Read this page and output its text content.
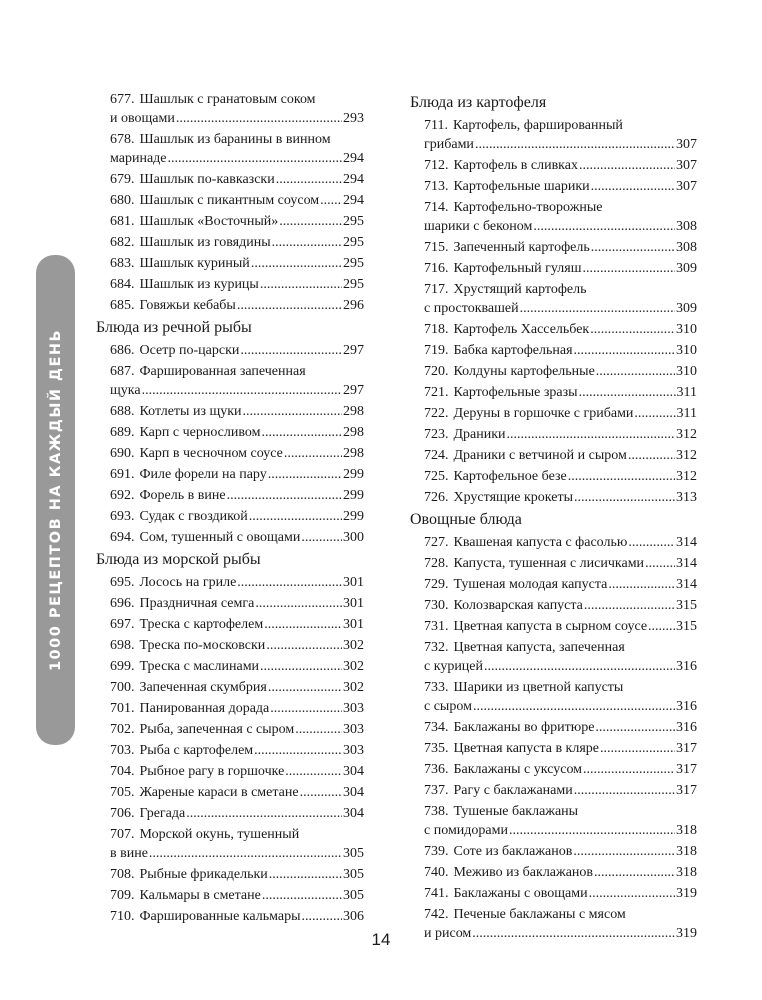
1000 РЕЦЕПТОВ НА КАЖДЫЙ ДЕНЬ
677. Шашлык с гранатовым соком
и овощами .....	293
678. Шашлык из баранины в винном
маринаде .....	294
679. Шашлык по-кавказски .....	294
680. Шашлык с пикантным соусом ..... 294
681. Шашлык «Восточный» .....	295
682. Шашлык из говядины .....	295
683. Шашлык куриный .....	295
684. Шашлык из курицы .....	295
685. Говяжьи кебабы .....	296
Блюда из речной рыбы
686. Осетр по-царски .....	297
687. Фаршированная запеченная
щука .....	297
688. Котлеты из щуки .....	298
689. Карп с черносливом .....	298
690. Карп в чесночном соусе .....	298
691. Филе форели на пару .....	299
692. Форель в вине .....	299
693. Судак с гвоздикой .....	299
694. Сом, тушенный с овощами .....	300
Блюда из морской рыбы
695. Лосось на гриле .....	301
696. Праздничная семга .....	301
697. Треска с картофелем .....	301
698. Треска по-московски .....	302
699. Треска с маслинами .....	302
700. Запеченная скумбрия .....	302
701. Панированная дорада .....	303
702. Рыба, запеченная с сыром .....	303
703. Рыба с картофелем .....	303
704. Рыбное рагу в горшочке .....	304
705. Жареные караси в сметане .....	304
706. Грегада .....	304
707. Морской окунь, тушенный
в вине .....	305
708. Рыбные фрикадельки .....	305
709. Кальмары в сметане .....	305
710. Фаршированные кальмары .....	306
Блюда из картофеля
711. Картофель, фаршированный
грибами .....	307
712. Картофель в сливках .....	307
713. Картофельные шарики .....	307
714. Картофельно-творожные
шарики с беконом .....	308
715. Запеченный картофель .....	308
716. Картофельный гуляш .....	309
717. Хрустящий картофель
с простоквашей .....	309
718. Картофель Хассельбек .....	310
719. Бабка картофельная .....	310
720. Колдуны картофельные .....	310
721. Картофельные зразы .....	311
722. Деруны в горшочке с грибами .....	311
723. Драники .....	312
724. Драники с ветчиной и сыром .....	312
725. Картофельное безе .....	312
726. Хрустящие крокеты .....	313
Овощные блюда
727. Квашеная капуста с фасолью .....	314
728. Капуста, тушенная с лисичками ..... 314
729. Тушеная молодая капуста .....	314
730. Колозварская капуста .....	315
731. Цветная капуста в сырном соусе ..... 315
732. Цветная капуста, запеченная
с курицей .....	316
733. Шарики из цветной капусты
с сыром .....	316
734. Баклажаны во фритюре .....	316
735. Цветная капуста в кляре .....	317
736. Баклажаны с уксусом .....	317
737. Рагу с баклажанами .....	317
738. Тушеные баклажаны
с помидорами .....	318
739. Соте из баклажанов .....	318
740. Меживо из баклажанов .....	318
741. Баклажаны с овощами .....	319
742. Печеные баклажаны с мясом
и рисом .....	319
14
